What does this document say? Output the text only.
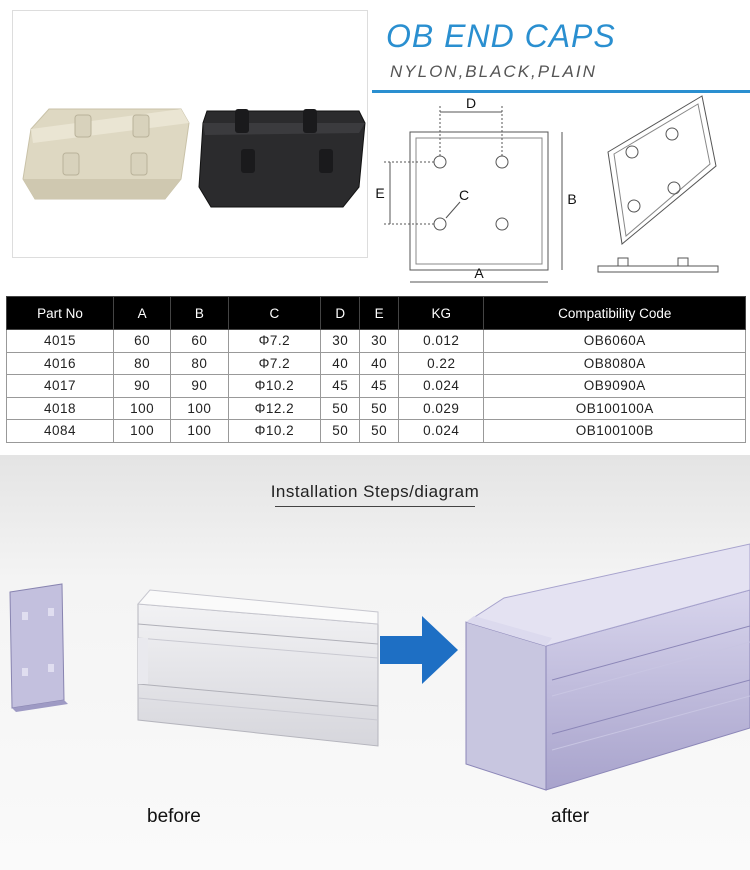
OB END CAPS
NYLON,BLACK,PLAIN
D
E	C	B
A
Part No	A	B	C	D	E	KG	Compatibility Code
4015	60	60	Φ7.2	30	30	0.012	OB6060A
4016	80	80	Φ7.2	40	40	0.22	OB8080A
4017	90	90	Φ10.2	45	45	0.024	OB9090A
4018	100	100	Φ12.2	50	50	0.029	OB100100A
4084	100	100	Φ10.2	50	50	0.024	OB100100B
Installation Steps/diagram
before	after
